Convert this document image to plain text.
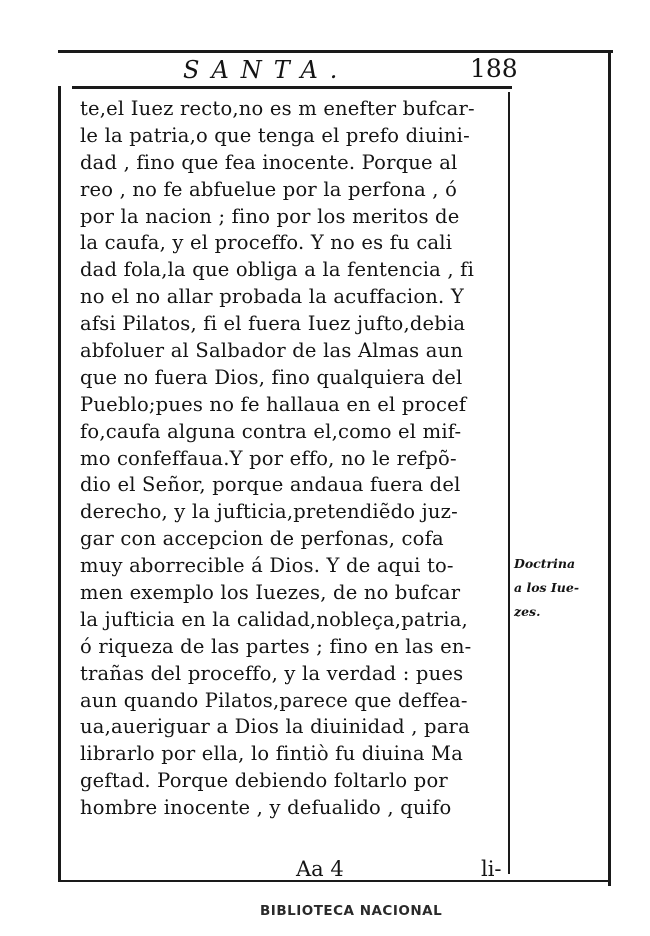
SANTA.	188
te,el Iuez recto,no es m enefter bufcar-
le la patria,o que tenga el prefo diuini-
dad , fino que fea inocente. Porque al
reo , no fe abfuelue por la perfona , ó
por la nacion ; fino por los meritos de
la caufa, y el proceffo. Y no es fu cali
dad fola,la que obliga a la fentencia , fi
no el no allar probada la acuffacion. Y
afsi Pilatos, fi el fuera Iuez jufto,debia
abfoluer al Salbador de las Almas aun
que no fuera Dios, fino qualquiera del
Pueblo;pues no fe hallaua en el procef
fo,caufa alguna contra el,como el mif-
mo confeffaua.Y por effo, no le refpõ-
dio el Señor, porque andaua fuera del
derecho, y la jufticia,pretendiẽdo juz-
gar con accepcion de perfonas, cofa
muy aborrecible á Dios. Y de aqui to-
men exemplo los Iuezes, de no bufcar
la jufticia en la calidad,nobleça,patria,
ó riqueza de las partes ; fino en las en-
trañas del proceffo, y la verdad : pues
aun quando Pilatos,parece que deffea-
ua,aueriguar a Dios la diuinidad , para
librarlo por ella, lo fintiò fu diuina Ma
geftad. Porque debiendo foltarlo por
hombre inocente , y defualido , quifo
Doctrina
a los Iue-
zes.
Aa 4	li-
BIBLIOTECA NACIONAL
